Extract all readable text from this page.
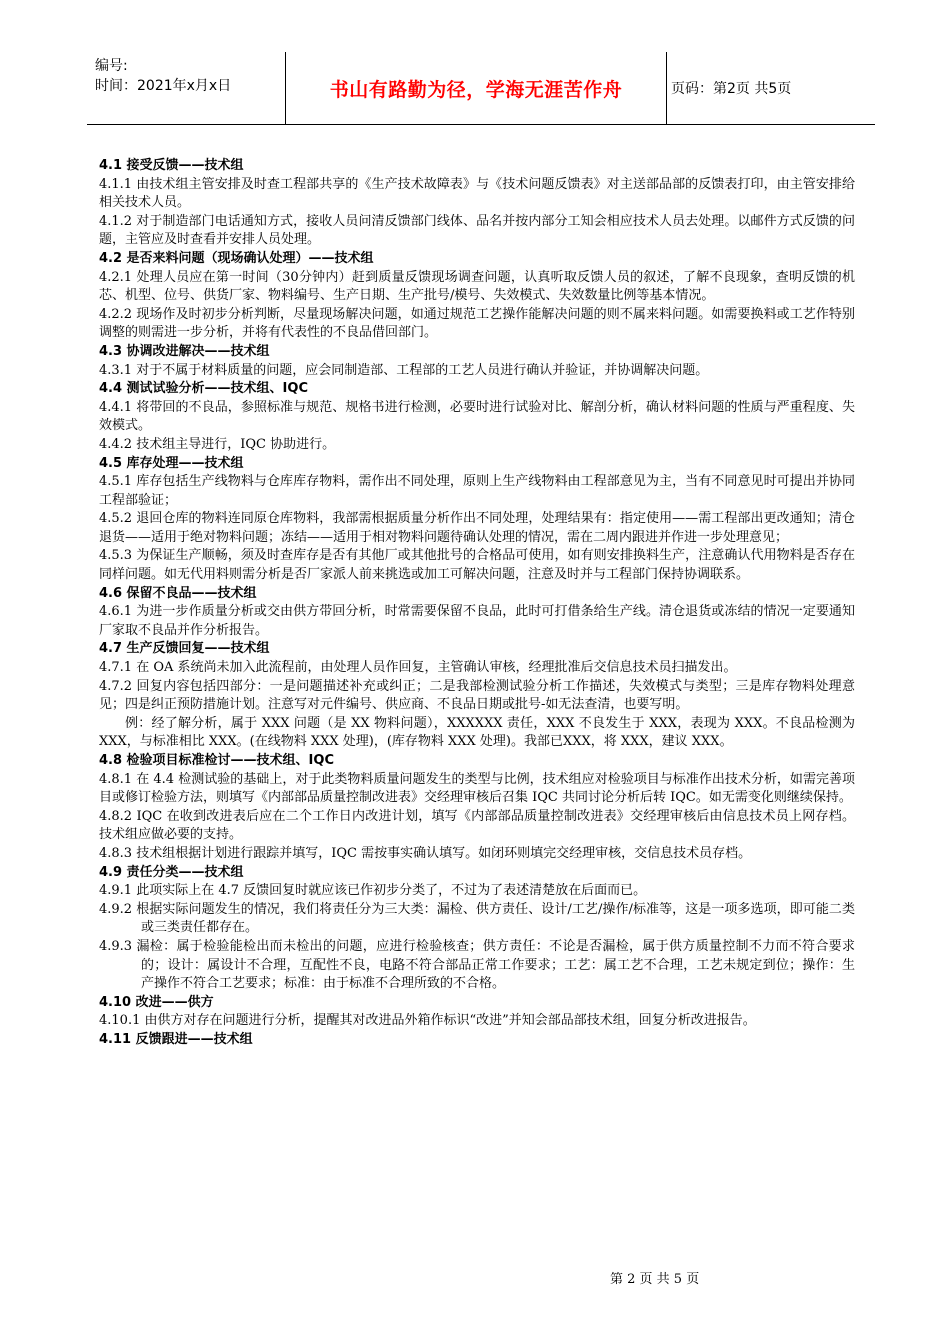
编号:
时间：2021年x月x日	书山有路勤为径，学海无涯苦作舟	页码：第2页 共5页

4.1 接受反馈——技术组

4.1.1 由技术组主管安排及时查工程部共享的《生产技术故障表》与《技术问题反馈表》对主送部品部的反馈表打印，由主管安排给相关技术人员。

4.1.2 对于制造部门电话通知方式，接收人员问清反馈部门线体、品名并按内部分工知会相应技术人员去处理。以邮件方式反馈的问题，主管应及时查看并安排人员处理。

4.2 是否来料问题（现场确认处理）——技术组

4.2.1 处理人员应在第一时间（30分钟内）赶到质量反馈现场调查问题，认真听取反馈人员的叙述，了解不良现象，查明反馈的机芯、机型、位号、供货厂家、物料编号、生产日期、生产批号/模号、失效模式、失效数量比例等基本情况。

4.2.2 现场作及时初步分析判断，尽量现场解决问题，如通过规范工艺操作能解决问题的则不属来料问题。如需要换料或工艺作特别调整的则需进一步分析，并将有代表性的不良品借回部门。

4.3 协调改进解决——技术组

4.3.1 对于不属于材料质量的问题，应会同制造部、工程部的工艺人员进行确认并验证，并协调解决问题。

4.4 测试试验分析——技术组、IQC

4.4.1 将带回的不良品，参照标准与规范、规格书进行检测，必要时进行试验对比、解剖分析，确认材料问题的性质与严重程度、失效模式。

4.4.2 技术组主导进行，IQC 协助进行。

4.5 库存处理——技术组

4.5.1 库存包括生产线物料与仓库库存物料，需作出不同处理，原则上生产线物料由工程部意见为主，当有不同意见时可提出并协同工程部验证；

4.5.2 退回仓库的物料连同原仓库物料，我部需根据质量分析作出不同处理，处理结果有：指定使用——需工程部出更改通知；清仓退货——适用于绝对物料问题；冻结——适用于相对物料问题待确认处理的情况，需在二周内跟进并作进一步处理意见；

4.5.3 为保证生产顺畅，须及时查库存是否有其他厂或其他批号的合格品可使用，如有则安排换料生产，注意确认代用物料是否存在同样问题。如无代用料则需分析是否厂家派人前来挑选或加工可解决问题，注意及时并与工程部门保持协调联系。

4.6 保留不良品——技术组

4.6.1 为进一步作质量分析或交由供方带回分析，时常需要保留不良品，此时可打借条给生产线。清仓退货或冻结的情况一定要通知厂家取不良品并作分析报告。

4.7 生产反馈回复——技术组

4.7.1 在 OA 系统尚未加入此流程前，由处理人员作回复，主管确认审核，经理批准后交信息技术员扫描发出。

4.7.2 回复内容包括四部分：一是问题描述补充或纠正；二是我部检测试验分析工作描述，失效模式与类型；三是库存物料处理意见；四是纠正预防措施计划。注意写对元件编号、供应商、不良品日期或批号-如无法查清，也要写明。

例：经了解分析，属于 XXX 问题（是 XX 物料问题），XXXXXX 责任，XXX 不良发生于 XXX，表现为 XXX。不良品检测为 XXX，与标准相比 XXX。(在线物料 XXX 处理)，(库存物料 XXX 处理)。我部已XXX，将 XXX，建议 XXX。

4.8 检验项目标准检讨——技术组、IQC

4.8.1 在 4.4 检测试验的基础上，对于此类物料质量问题发生的类型与比例，技术组应对检验项目与标准作出技术分析，如需完善项目或修订检验方法，则填写《内部部品质量控制改进表》交经理审核后召集 IQC 共同讨论分析后转 IQC。如无需变化则继续保持。

4.8.2 IQC 在收到改进表后应在二个工作日内改进计划，填写《内部部品质量控制改进表》交经理审核后由信息技术员上网存档。技术组应做必要的支持。

4.8.3 技术组根据计划进行跟踪并填写，IQC 需按事实确认填写。如闭环则填完交经理审核，交信息技术员存档。

4.9 责任分类——技术组

4.9.1 此项实际上在 4.7 反馈回复时就应该已作初步分类了，不过为了表述清楚放在后面而已。

4.9.2 根据实际问题发生的情况，我们将责任分为三大类：漏检、供方责任、设计/工艺/操作/标准等，这是一项多选项，即可能二类或三类责任都存在。

4.9.3 漏检：属于检验能检出而未检出的问题，应进行检验核查；供方责任：不论是否漏检，属于供方质量控制不力而不符合要求的；设计：属设计不合理，互配性不良，电路不符合部品正常工作要求；工艺：属工艺不合理，工艺未规定到位；操作：生产操作不符合工艺要求；标准：由于标准不合理所致的不合格。

4.10 改进——供方

4.10.1 由供方对存在问题进行分析，提醒其对改进品外箱作标识“改进”并知会部品部技术组，回复分析改进报告。

4.11 反馈跟进——技术组

第 2 页 共 5 页
